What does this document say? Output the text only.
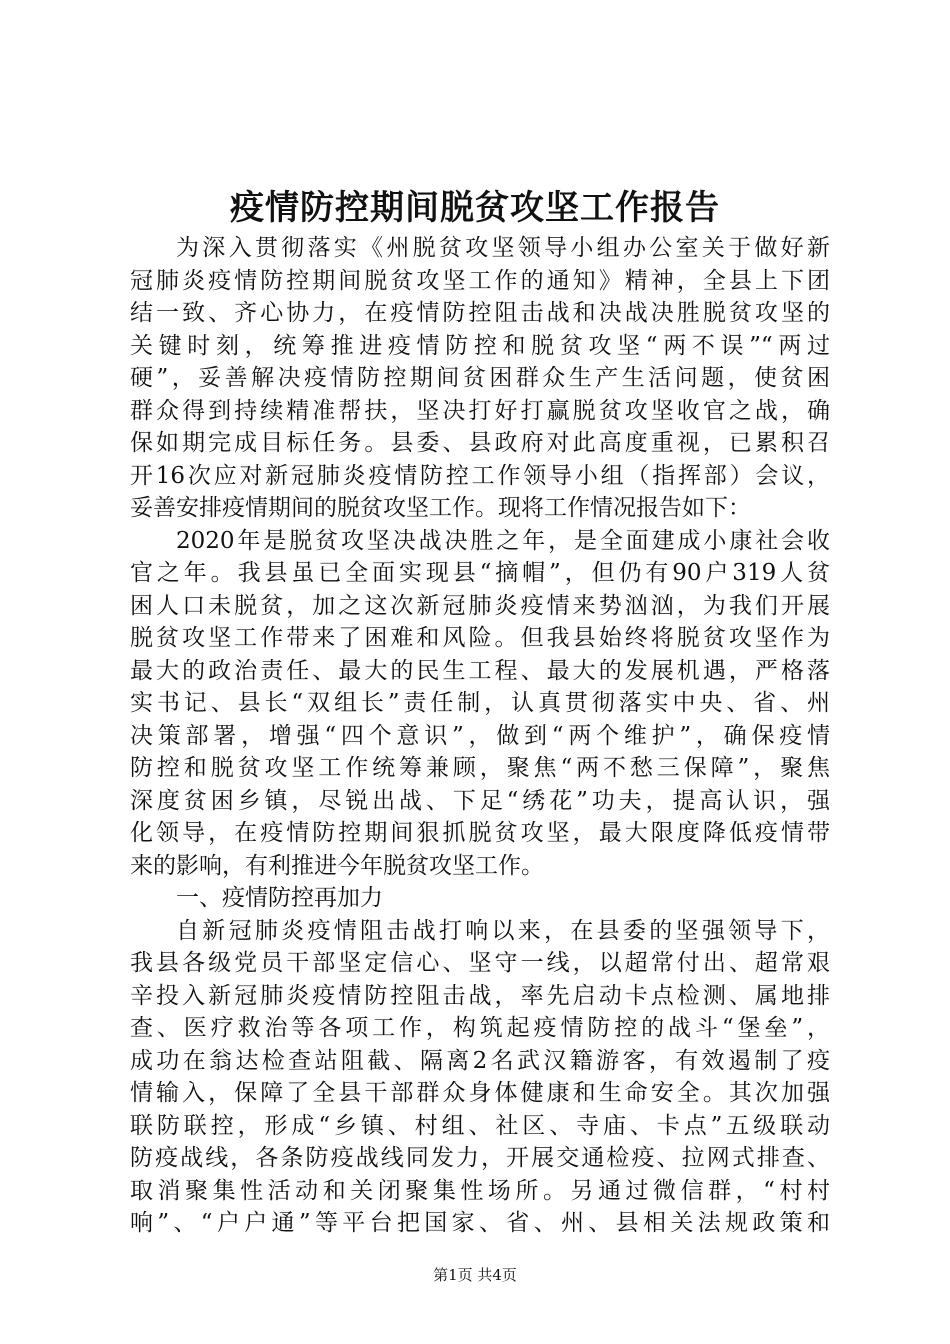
疫情防控期间脱贫攻坚工作报告
为深入贯彻落实《州脱贫攻坚领导小组办公室关于做好新
冠肺炎疫情防控期间脱贫攻坚工作的通知》精神，全县上下团
结一致、齐心协力，在疫情防控阻击战和决战决胜脱贫攻坚的
关键时刻，统筹推进疫情防控和脱贫攻坚“两不误”“两过
硬”，妥善解决疫情防控期间贫困群众生产生活问题，使贫困
群众得到持续精准帮扶，坚决打好打赢脱贫攻坚收官之战，确
保如期完成目标任务。县委、县政府对此高度重视，已累积召
开16次应对新冠肺炎疫情防控工作领导小组（指挥部）会议，
妥善安排疫情期间的脱贫攻坚工作。现将工作情况报告如下：
2020年是脱贫攻坚决战决胜之年，是全面建成小康社会收
官之年。我县虽已全面实现县“摘帽”，但仍有90户319人贫
困人口未脱贫，加之这次新冠肺炎疫情来势汹汹，为我们开展
脱贫攻坚工作带来了困难和风险。但我县始终将脱贫攻坚作为
最大的政治责任、最大的民生工程、最大的发展机遇，严格落
实书记、县长“双组长”责任制，认真贯彻落实中央、省、州
决策部署，增强“四个意识”，做到“两个维护”，确保疫情
防控和脱贫攻坚工作统筹兼顾，聚焦“两不愁三保障”，聚焦
深度贫困乡镇，尽锐出战、下足“绣花”功夫，提高认识，强
化领导，在疫情防控期间狠抓脱贫攻坚，最大限度降低疫情带
来的影响，有利推进今年脱贫攻坚工作。
一、疫情防控再加力
自新冠肺炎疫情阻击战打响以来，在县委的坚强领导下，
我县各级党员干部坚定信心、坚守一线，以超常付出、超常艰
辛投入新冠肺炎疫情防控阻击战，率先启动卡点检测、属地排
查、医疗救治等各项工作，构筑起疫情防控的战斗“堡垒”，
成功在翁达检查站阻截、隔离2名武汉籍游客，有效遏制了疫
情输入，保障了全县干部群众身体健康和生命安全。其次加强
联防联控，形成“乡镇、村组、社区、寺庙、卡点”五级联动
防疫战线，各条防疫战线同发力，开展交通检疫、拉网式排查、
取消聚集性活动和关闭聚集性场所。另通过微信群，“村村
响”、“户户通”等平台把国家、省、州、县相关法规政策和
第1页 共4页
